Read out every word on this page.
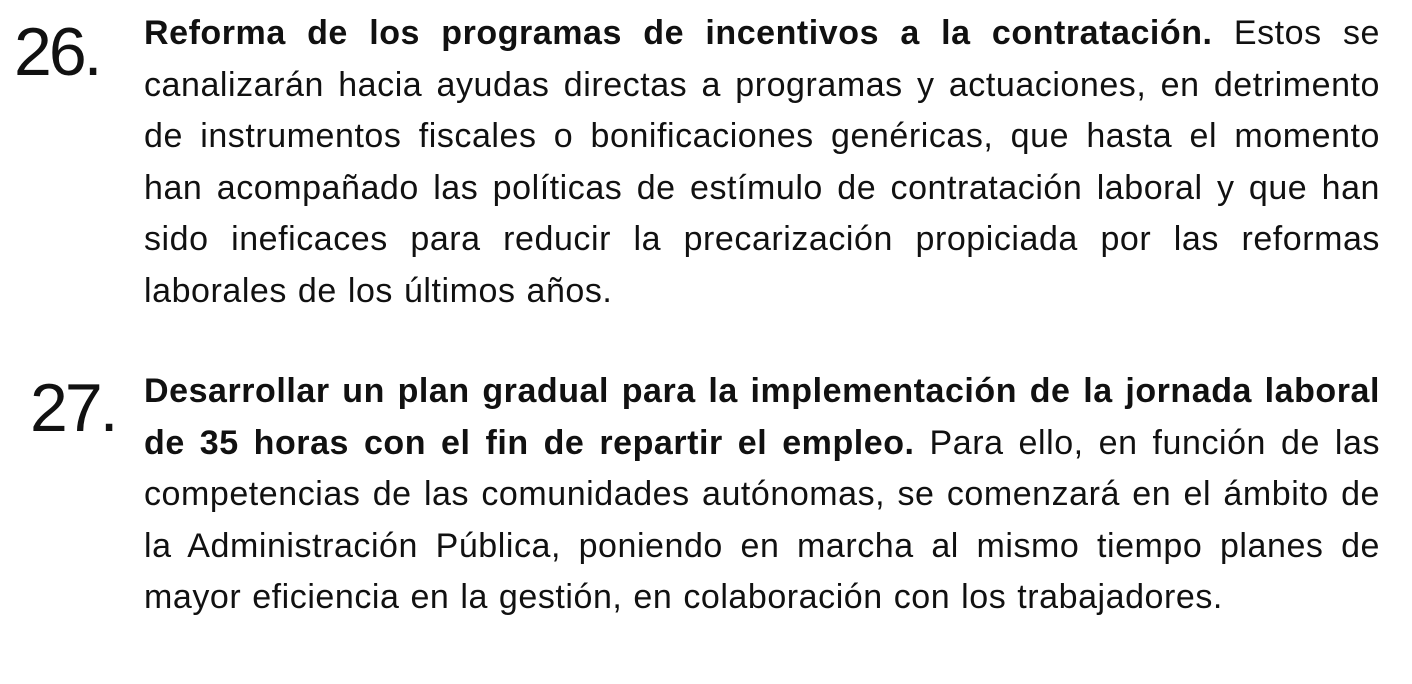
26.	Reforma de los programas de incentivos a la contratación. Estos se canalizarán hacia ayudas directas a programas y actuaciones, en detrimento de instrumentos fiscales o bonificaciones genéricas, que hasta el momento han acompañado las políticas de estímulo de contratación laboral y que han sido ineficaces para reducir la precarización propiciada por las reformas laborales de los últimos años.

27. Desarrollar un plan gradual para la implementación de la jornada laboral de 35 horas con el fin de repartir el empleo. Para ello, en función de las competencias de las comunidades autónomas, se comenzará en el ámbito de la Administración Pública, poniendo en marcha al mismo tiempo planes de mayor eficiencia en la gestión, en colaboración con los trabajadores.
